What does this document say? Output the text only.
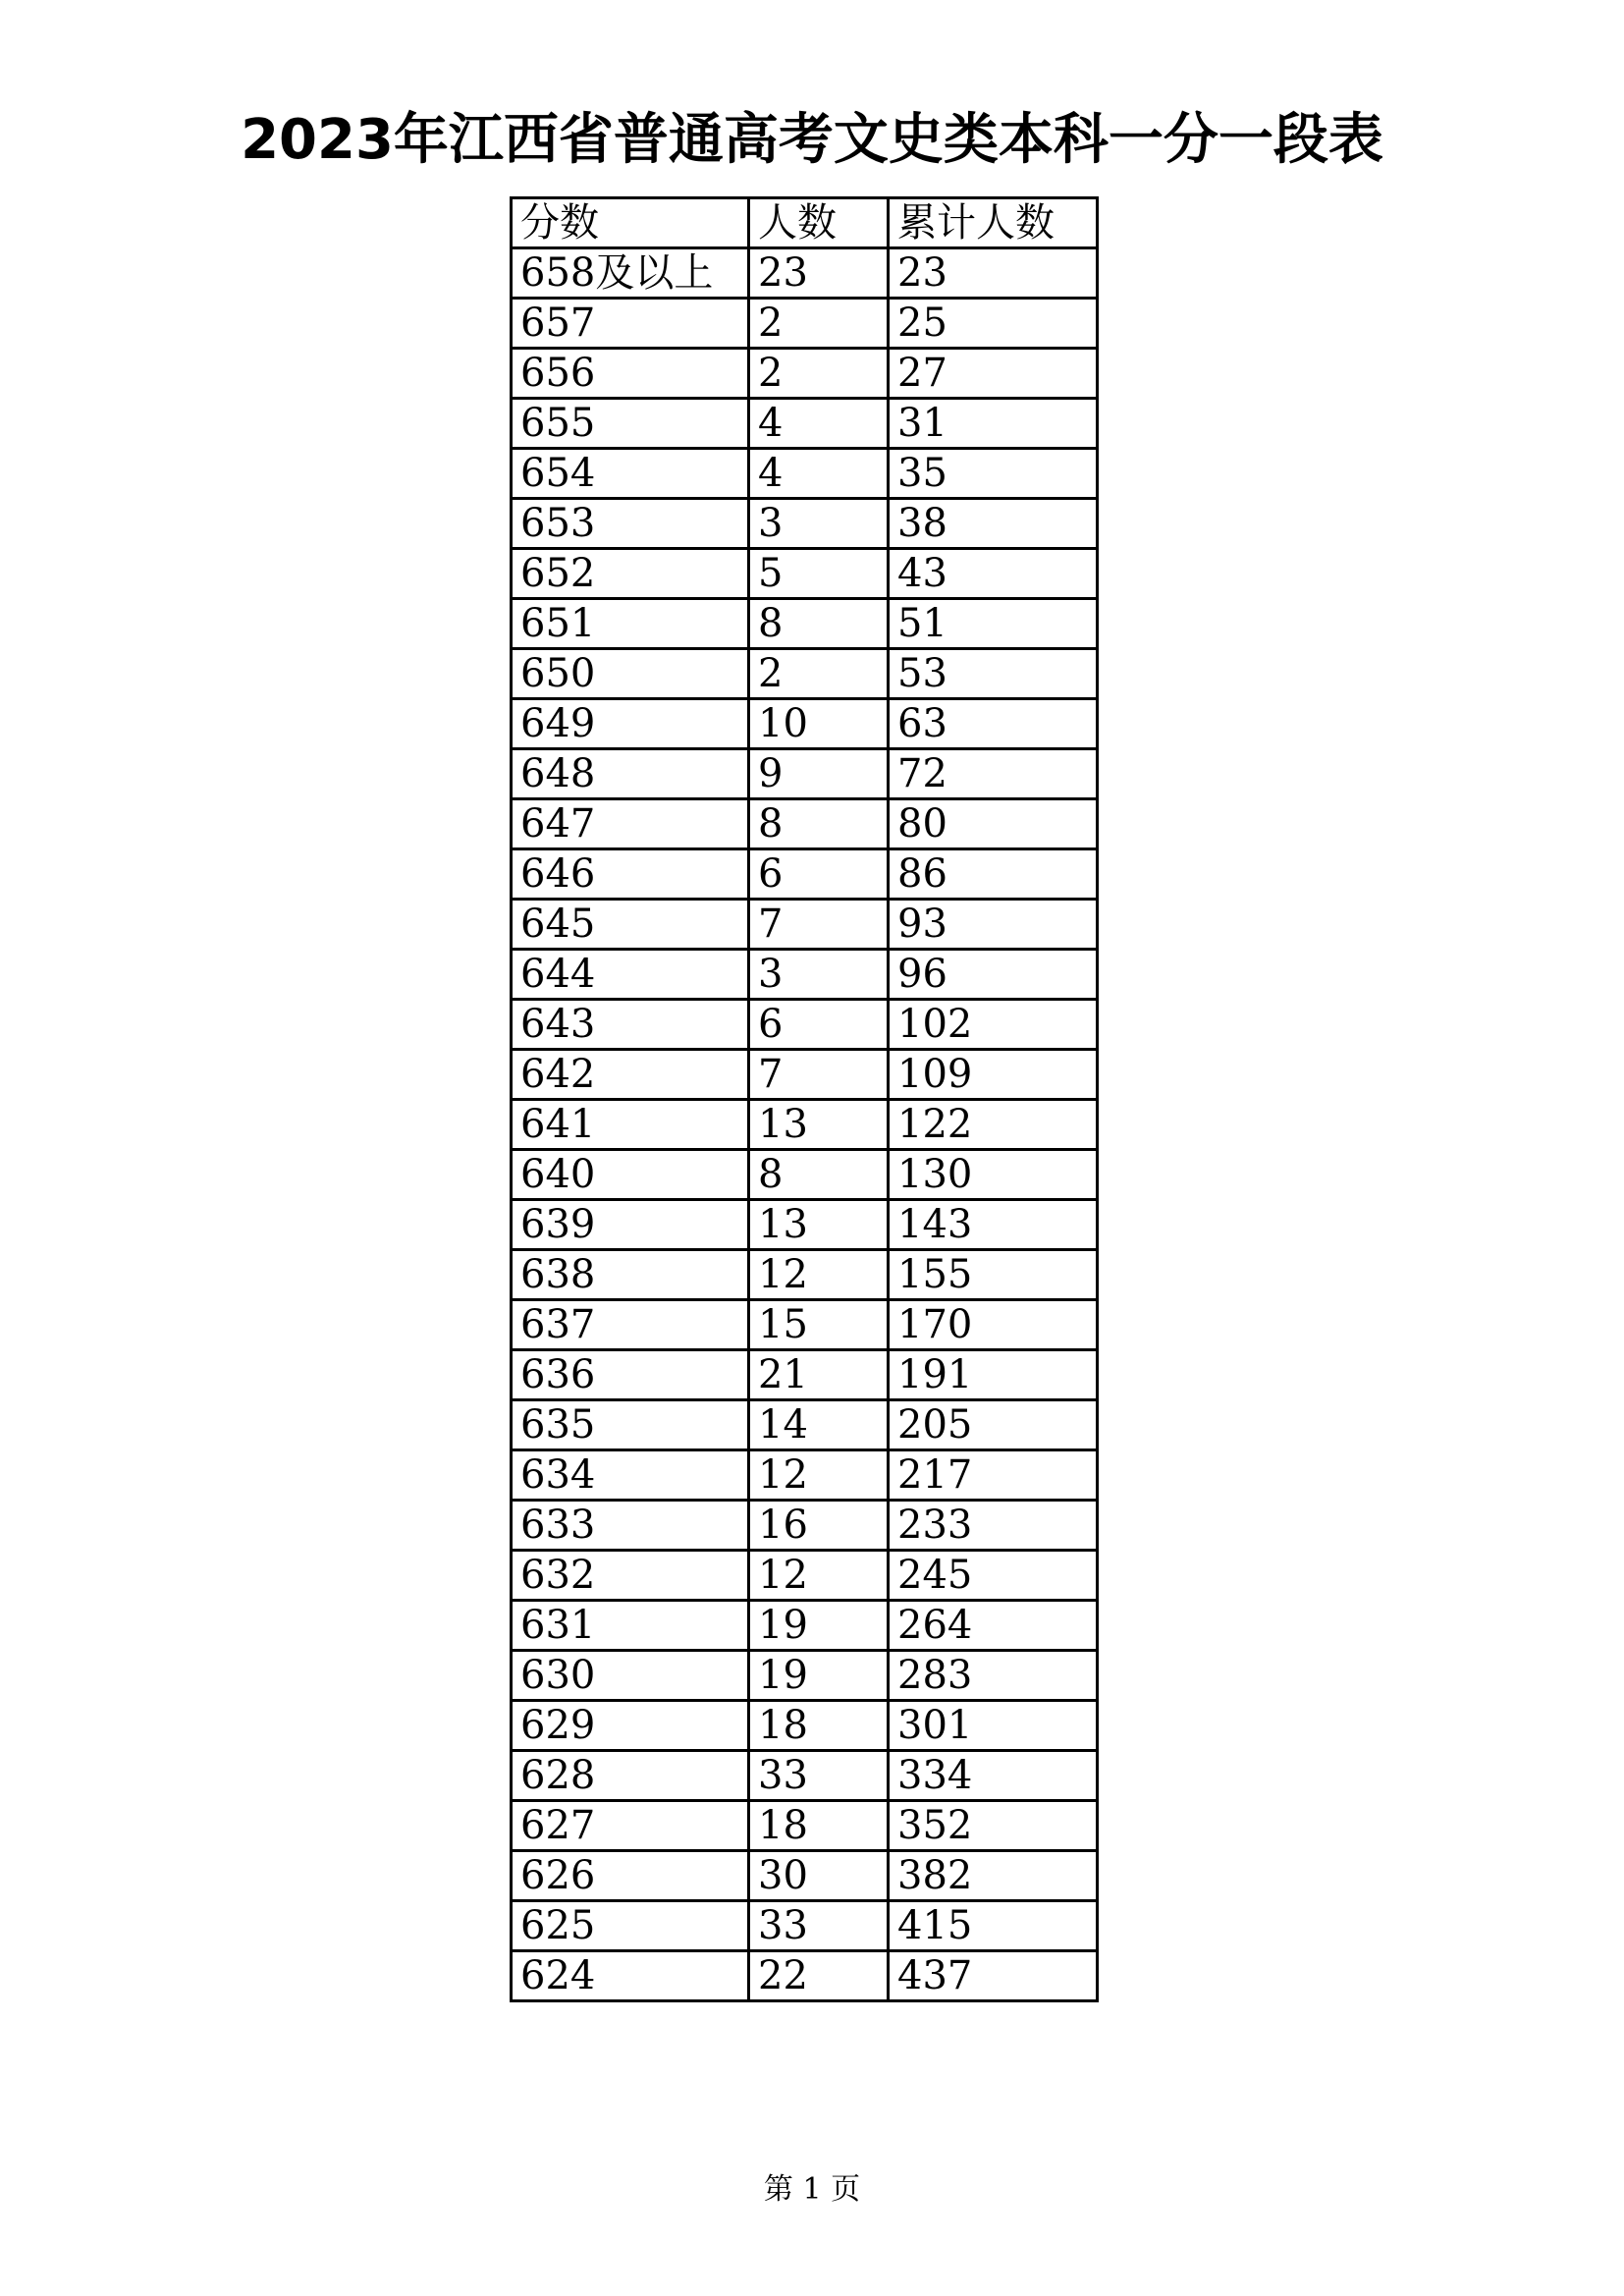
2023年江西省普通高考文史类本科一分一段表
分数	人数	累计人数
658及以上	23	23
657	2	25
656	2	27
655	4	31
654	4	35
653	3	38
652	5	43
651	8	51
650	2	53
649	10	63
648	9	72
647	8	80
646	6	86
645	7	93
644	3	96
643	6	102
642	7	109
641	13	122
640	8	130
639	13	143
638	12	155
637	15	170
636	21	191
635	14	205
634	12	217
633	16	233
632	12	245
631	19	264
630	19	283
629	18	301
628	33	334
627	18	352
626	30	382
625	33	415
624	22	437
第 1 页
